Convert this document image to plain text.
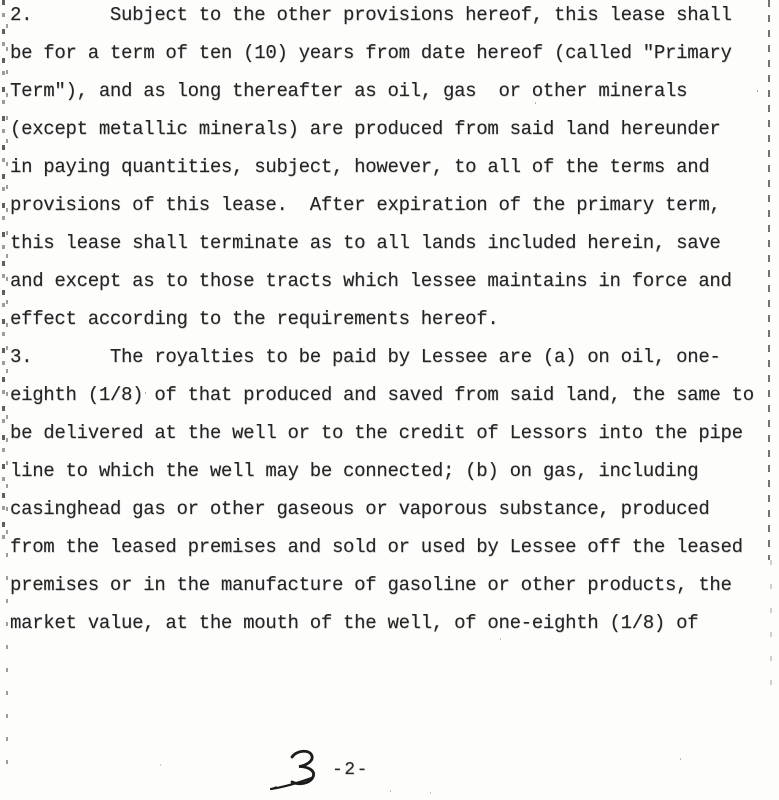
2.       Subject to the other provisions hereof, this lease shall
be for a term of ten (10) years from date hereof (called "Primary
Term"), and as long thereafter as oil, gas  or other minerals
(except metallic minerals) are produced from said land hereunder
in paying quantities, subject, however, to all of the terms and
provisions of this lease.  After expiration of the primary term,
this lease shall terminate as to all lands included herein, save
and except as to those tracts which lessee maintains in force and
effect according to the requirements hereof.
3.       The royalties to be paid by Lessee are (a) on oil, one-
eighth (1/8) of that produced and saved from said land, the same to
be delivered at the well or to the credit of Lessors into the pipe
line to which the well may be connected; (b) on gas, including
casinghead gas or other gaseous or vaporous substance, produced
from the leased premises and sold or used by Lessee off the leased
premises or in the manufacture of gasoline or other products, the
market value, at the mouth of the well, of one-eighth (1/8) of
-2-
